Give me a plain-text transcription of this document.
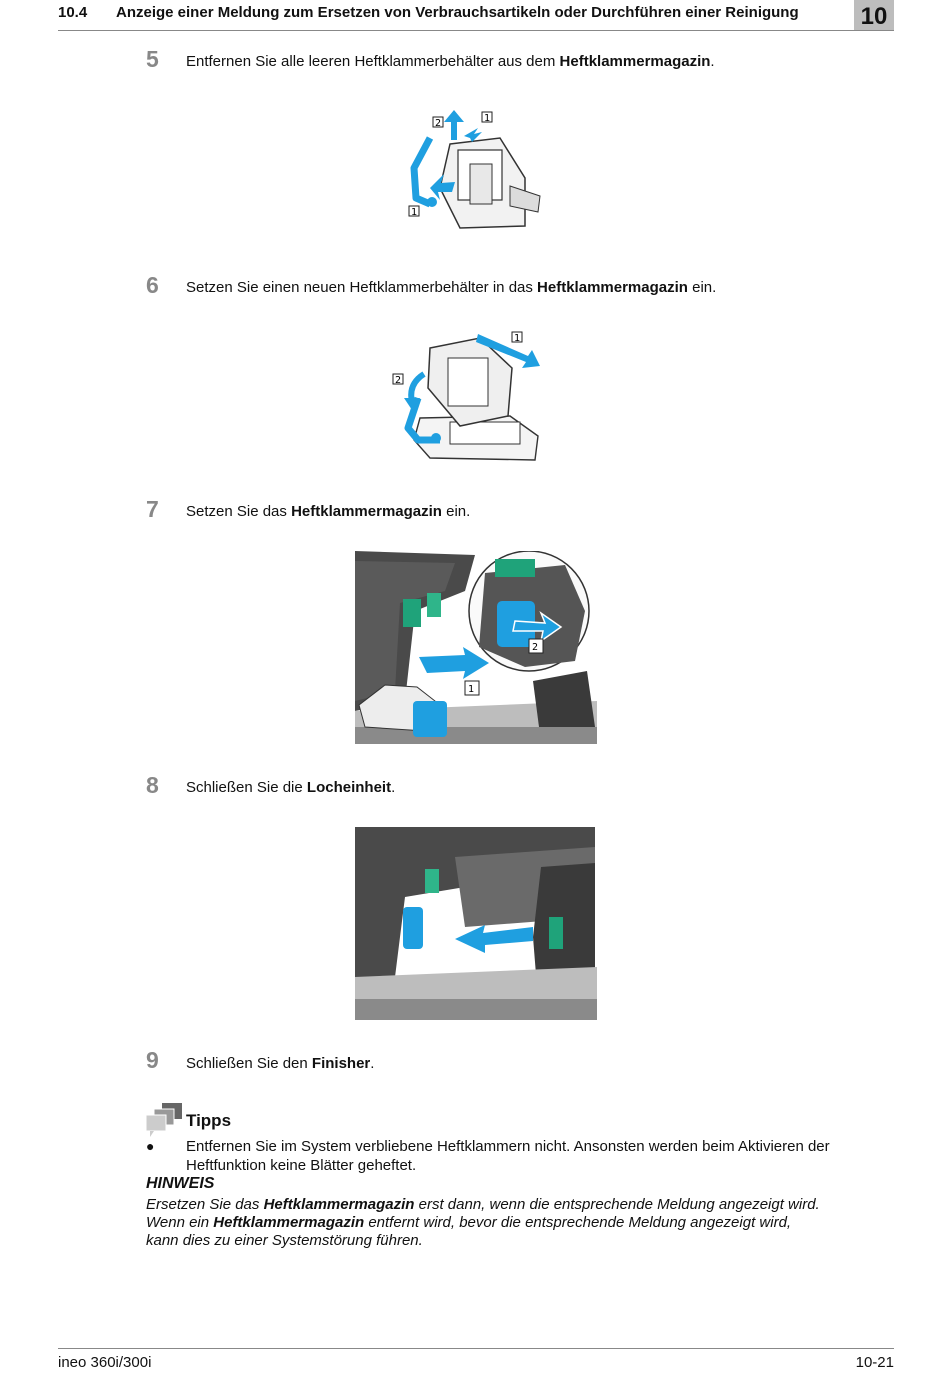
10.4 Anzeige einer Meldung zum Ersetzen von Verbrauchsartikeln oder Durchführen einer Reinigung	10
5 Entfernen Sie alle leeren Heftklammerbehälter aus dem Heftklammermagazin.
2	1
1
6 Setzen Sie einen neuen Heftklammerbehälter in das Heftklammermagazin ein.
1
2
7 Setzen Sie das Heftklammermagazin ein.
2
1
8 Schließen Sie die Locheinheit.
9 Schließen Sie den Finisher.
Tipps
● Entfernen Sie im System verbliebene Heftklammern nicht. Ansonsten werden beim Aktivieren der Heftfunktion keine Blätter geheftet.
HINWEIS
Ersetzen Sie das Heftklammermagazin erst dann, wenn die entsprechende Meldung angezeigt wird.
Wenn ein Heftklammermagazin entfernt wird, bevor die entsprechende Meldung angezeigt wird,
kann dies zu einer Systemstörung führen.
ineo 360i/300i	10-21
